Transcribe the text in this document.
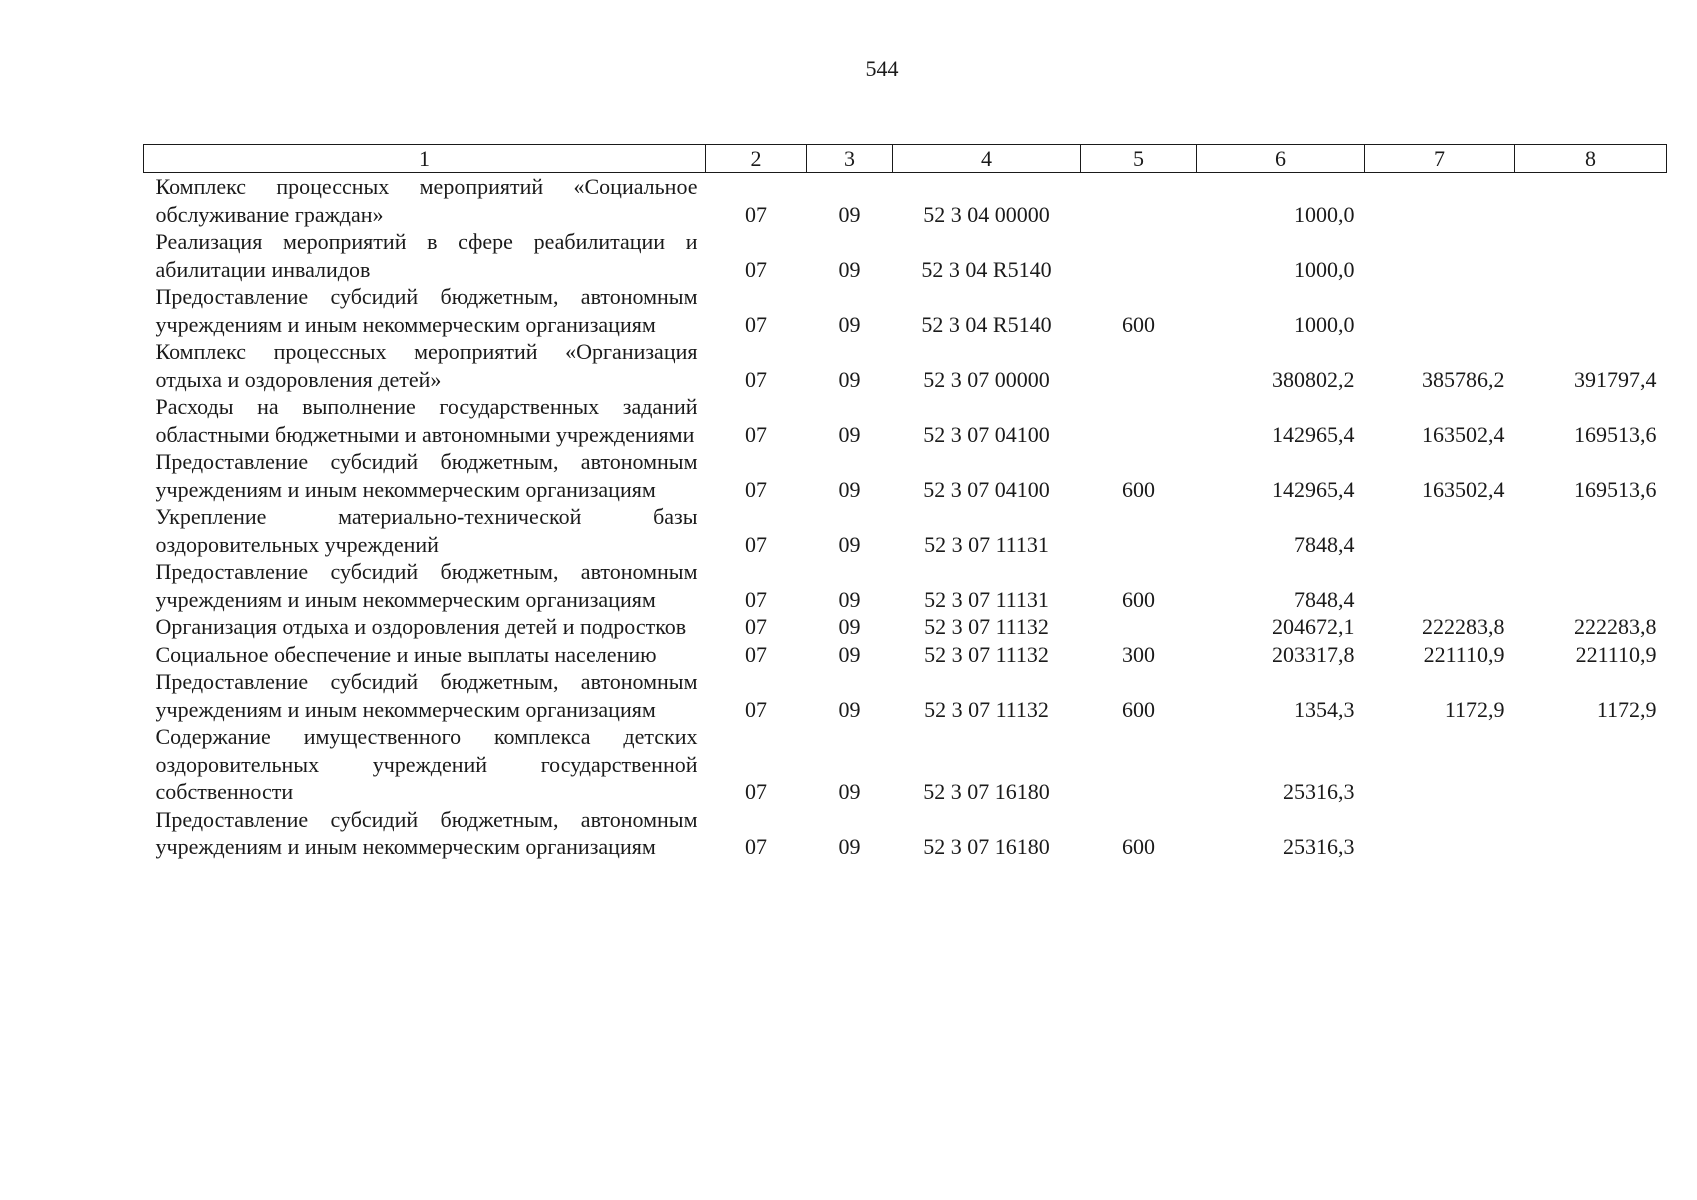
544
1	2	3	4	5	6	7	8
Комплекс процессных мероприятий «Социальное обслуживание граждан»	07	09	52 3 04 00000		1000,0		
Реализация мероприятий в сфере реабилитации и абилитации инвалидов	07	09	52 3 04 R5140		1000,0		
Предоставление субсидий бюджетным, автономным учреждениям и иным некоммерческим организациям	07	09	52 3 04 R5140	600	1000,0		
Комплекс процессных мероприятий «Организация отдыха и оздоровления детей»	07	09	52 3 07 00000		380802,2	385786,2	391797,4
Расходы на выполнение государственных заданий областными бюджетными и автономными учреждениями	07	09	52 3 07 04100		142965,4	163502,4	169513,6
Предоставление субсидий бюджетным, автономным учреждениям и иным некоммерческим организациям	07	09	52 3 07 04100	600	142965,4	163502,4	169513,6
Укрепление материально-технической базы оздоровительных учреждений	07	09	52 3 07 11131		7848,4		
Предоставление субсидий бюджетным, автономным учреждениям и иным некоммерческим организациям	07	09	52 3 07 11131	600	7848,4		
Организация отдыха и оздоровления детей и подростков	07	09	52 3 07 11132		204672,1	222283,8	222283,8
Социальное обеспечение и иные выплаты населению	07	09	52 3 07 11132	300	203317,8	221110,9	221110,9
Предоставление субсидий бюджетным, автономным учреждениям и иным некоммерческим организациям	07	09	52 3 07 11132	600	1354,3	1172,9	1172,9
Содержание имущественного комплекса детских оздоровительных учреждений государственной собственности	07	09	52 3 07 16180		25316,3		
Предоставление субсидий бюджетным, автономным учреждениям и иным некоммерческим организациям	07	09	52 3 07 16180	600	25316,3		
